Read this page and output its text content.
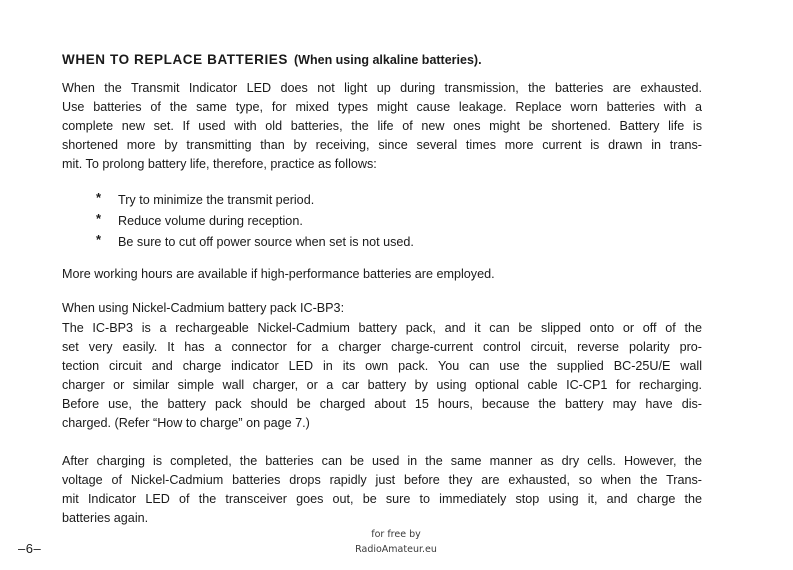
WHEN TO REPLACE BATTERIES (When using alkaline batteries).
When the Transmit Indicator LED does not light up during transmission, the batteries are exhausted.
Use batteries of the same type, for mixed types might cause leakage. Replace worn batteries with a
complete new set. If used with old batteries, the life of new ones might be shortened. Battery life is
shortened more by transmitting than by receiving, since several times more current is drawn in trans-
mit. To prolong battery life, therefore, practice as follows:
* Try to minimize the transmit period.
* Reduce volume during reception.
* Be sure to cut off power source when set is not used.
More working hours are available if high-performance batteries are employed.
When using Nickel-Cadmium battery pack IC-BP3:
The IC-BP3 is a rechargeable Nickel-Cadmium battery pack, and it can be slipped onto or off of the
set very easily. It has a connector for a charger charge-current control circuit, reverse polarity pro-
tection circuit and charge indicator LED in its own pack. You can use the supplied BC-25U/E wall
charger or similar simple wall charger, or a car battery by using optional cable IC-CP1 for recharging.
Before use, the battery pack should be charged about 15 hours, because the battery may have dis-
charged. (Refer “How to charge” on page 7.)
After charging is completed, the batteries can be used in the same manner as dry cells. However, the
voltage of Nickel-Cadmium batteries drops rapidly just before they are exhausted, so when the Trans-
mit Indicator LED of the transceiver goes out, be sure to immediately stop using it, and charge the
batteries again.
–6–
for free by
RadioAmateur.eu
